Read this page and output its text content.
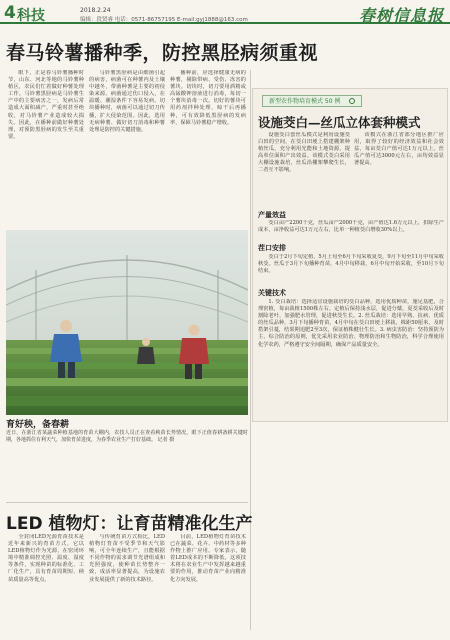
4 科技	2018.2.24
编辑：段贤睿 电话：0571-86757195 E-mail:gyj1888@163.com	春树信息报
春马铃薯播种季，防控黑胫病须重视

眼下，正是春马铃薯播种时节，山东、河北等地的马铃薯种植区，农民们忙着做好种薯处理工作。马铃薯黑胫病是马铃薯生产中的主要病害之一，发病后常造成大面积减产，严重时甚至绝收，对马铃薯产业造成较大损失。因此，在播种前做好种薯处理，对预防黑胫病的发生至关重要。

马铃薯黑胫病是由细菌引起的病害，病菌可在种薯内及土壤中越冬，带菌种薯是主要的初侵染来源。病菌通过伤口侵入，在温暖、潮湿条件下容易发病。切块播种时，病菌可以通过切刀传播，扩大侵染范围。因此，选用无病种薯、做好切刀消毒和种薯处理是防控的关键措施。

播种前，应选择健康无病的种薯，剔除带病、受伤、冻害的薯块。切块时，切刀要用酒精或高锰酸钾溶液进行消毒，每切一个薯块消毒一次。切好的薯块可用药剂拌种处理，晾干后再播种，可有效降低黑胫病的发病率，保障马铃薯稳产增收。

新型农作物培育模式 50 例
设施茭白—丝瓜立体套种模式

设施茭白套丝瓜模式是利用设施茭白田的空间，在茭白田埂上搭建棚架种植丝瓜，充分利用光能和土地资源，提高单位面积产出效益。该模式茭白采用大棚设施栽培，丝瓜沿棚架攀爬生长，二者互不影响。

该模式在浙江省部分地区推广应用，取得了较好的经济效益和社会效益，每亩茭白产值可达1万元以上，丝瓜产值可达3000元左右，亩均效益显著提高。

产量效益

茭白亩产2200千克，丝瓜亩产2000千克，亩产值达1.6万元以上，扣除生产成本，亩净收益可达1万元左右，比单一种植茭白增收30%以上。

茬口安排

茭白于2月下旬定植，5月上旬至6月下旬采收夏茭，9月下旬至11月中旬采收秋茭。丝瓜于3月下旬播种育苗，4月中旬移栽，6月中旬开始采收，至10月下旬结束。

关键技术

1. 茭白栽培：选择适宜设施栽培的茭白品种，选用优质种苗，施足基肥，合理密植，每亩栽植1500株左右。定植后保持浅水层，促进分蘖，夏茭采收后及时割除老叶，加强肥水管理，促进秋茭生长。2. 丝瓜栽培：选用早熟、抗病、优质的丝瓜品种，3月下旬播种育苗，4月中旬在茭白田埂上移栽，株距50厘米，及时搭架引蔓，结果期追肥2至3次，保证植株健壮生长。3. 病虫害防治：坚持预防为主、综合防治的原则，优先采用农业防治、物理防治和生物防治，科学合理使用化学农药，严格遵守安全间隔期，确保产品质量安全。

育好秧，备春耕
近日，在浙江省某蔬菜种植基地的育苗大棚内，农技人员正在查看秧苗长势情况。眼下正值春耕备耕关键时期，各地抓住有利天气，加快育苗进度，为春季农业生产打好基础。 记者 摄
LED 植物灯：让育苗精准化生产

全封闭LED光源育苗技术是近年来新兴的育苗方式，它以LED植物灯作为光源，在密闭环境中精准调控光照、温度、湿度等条件，实现种苗的标准化、工厂化生产，具有育苗周期短、秧苗质量高等优点。

与传统育苗方式相比，LED植物灯育苗不受季节和天气影响，可全年连续生产，且能根据不同作物的需求调节光谱组成和光照强度，使种苗长势整齐一致，成活率显著提高，为设施农业发展提供了新的技术路径。

目前，LED植物灯育苗技术已在蔬菜、花卉、中药材等多种作物上推广应用。专家表示，随着LED成本的不断降低，这项技术将在农业生产中发挥越来越重要的作用，推动育苗产业向精准化方向发展。
